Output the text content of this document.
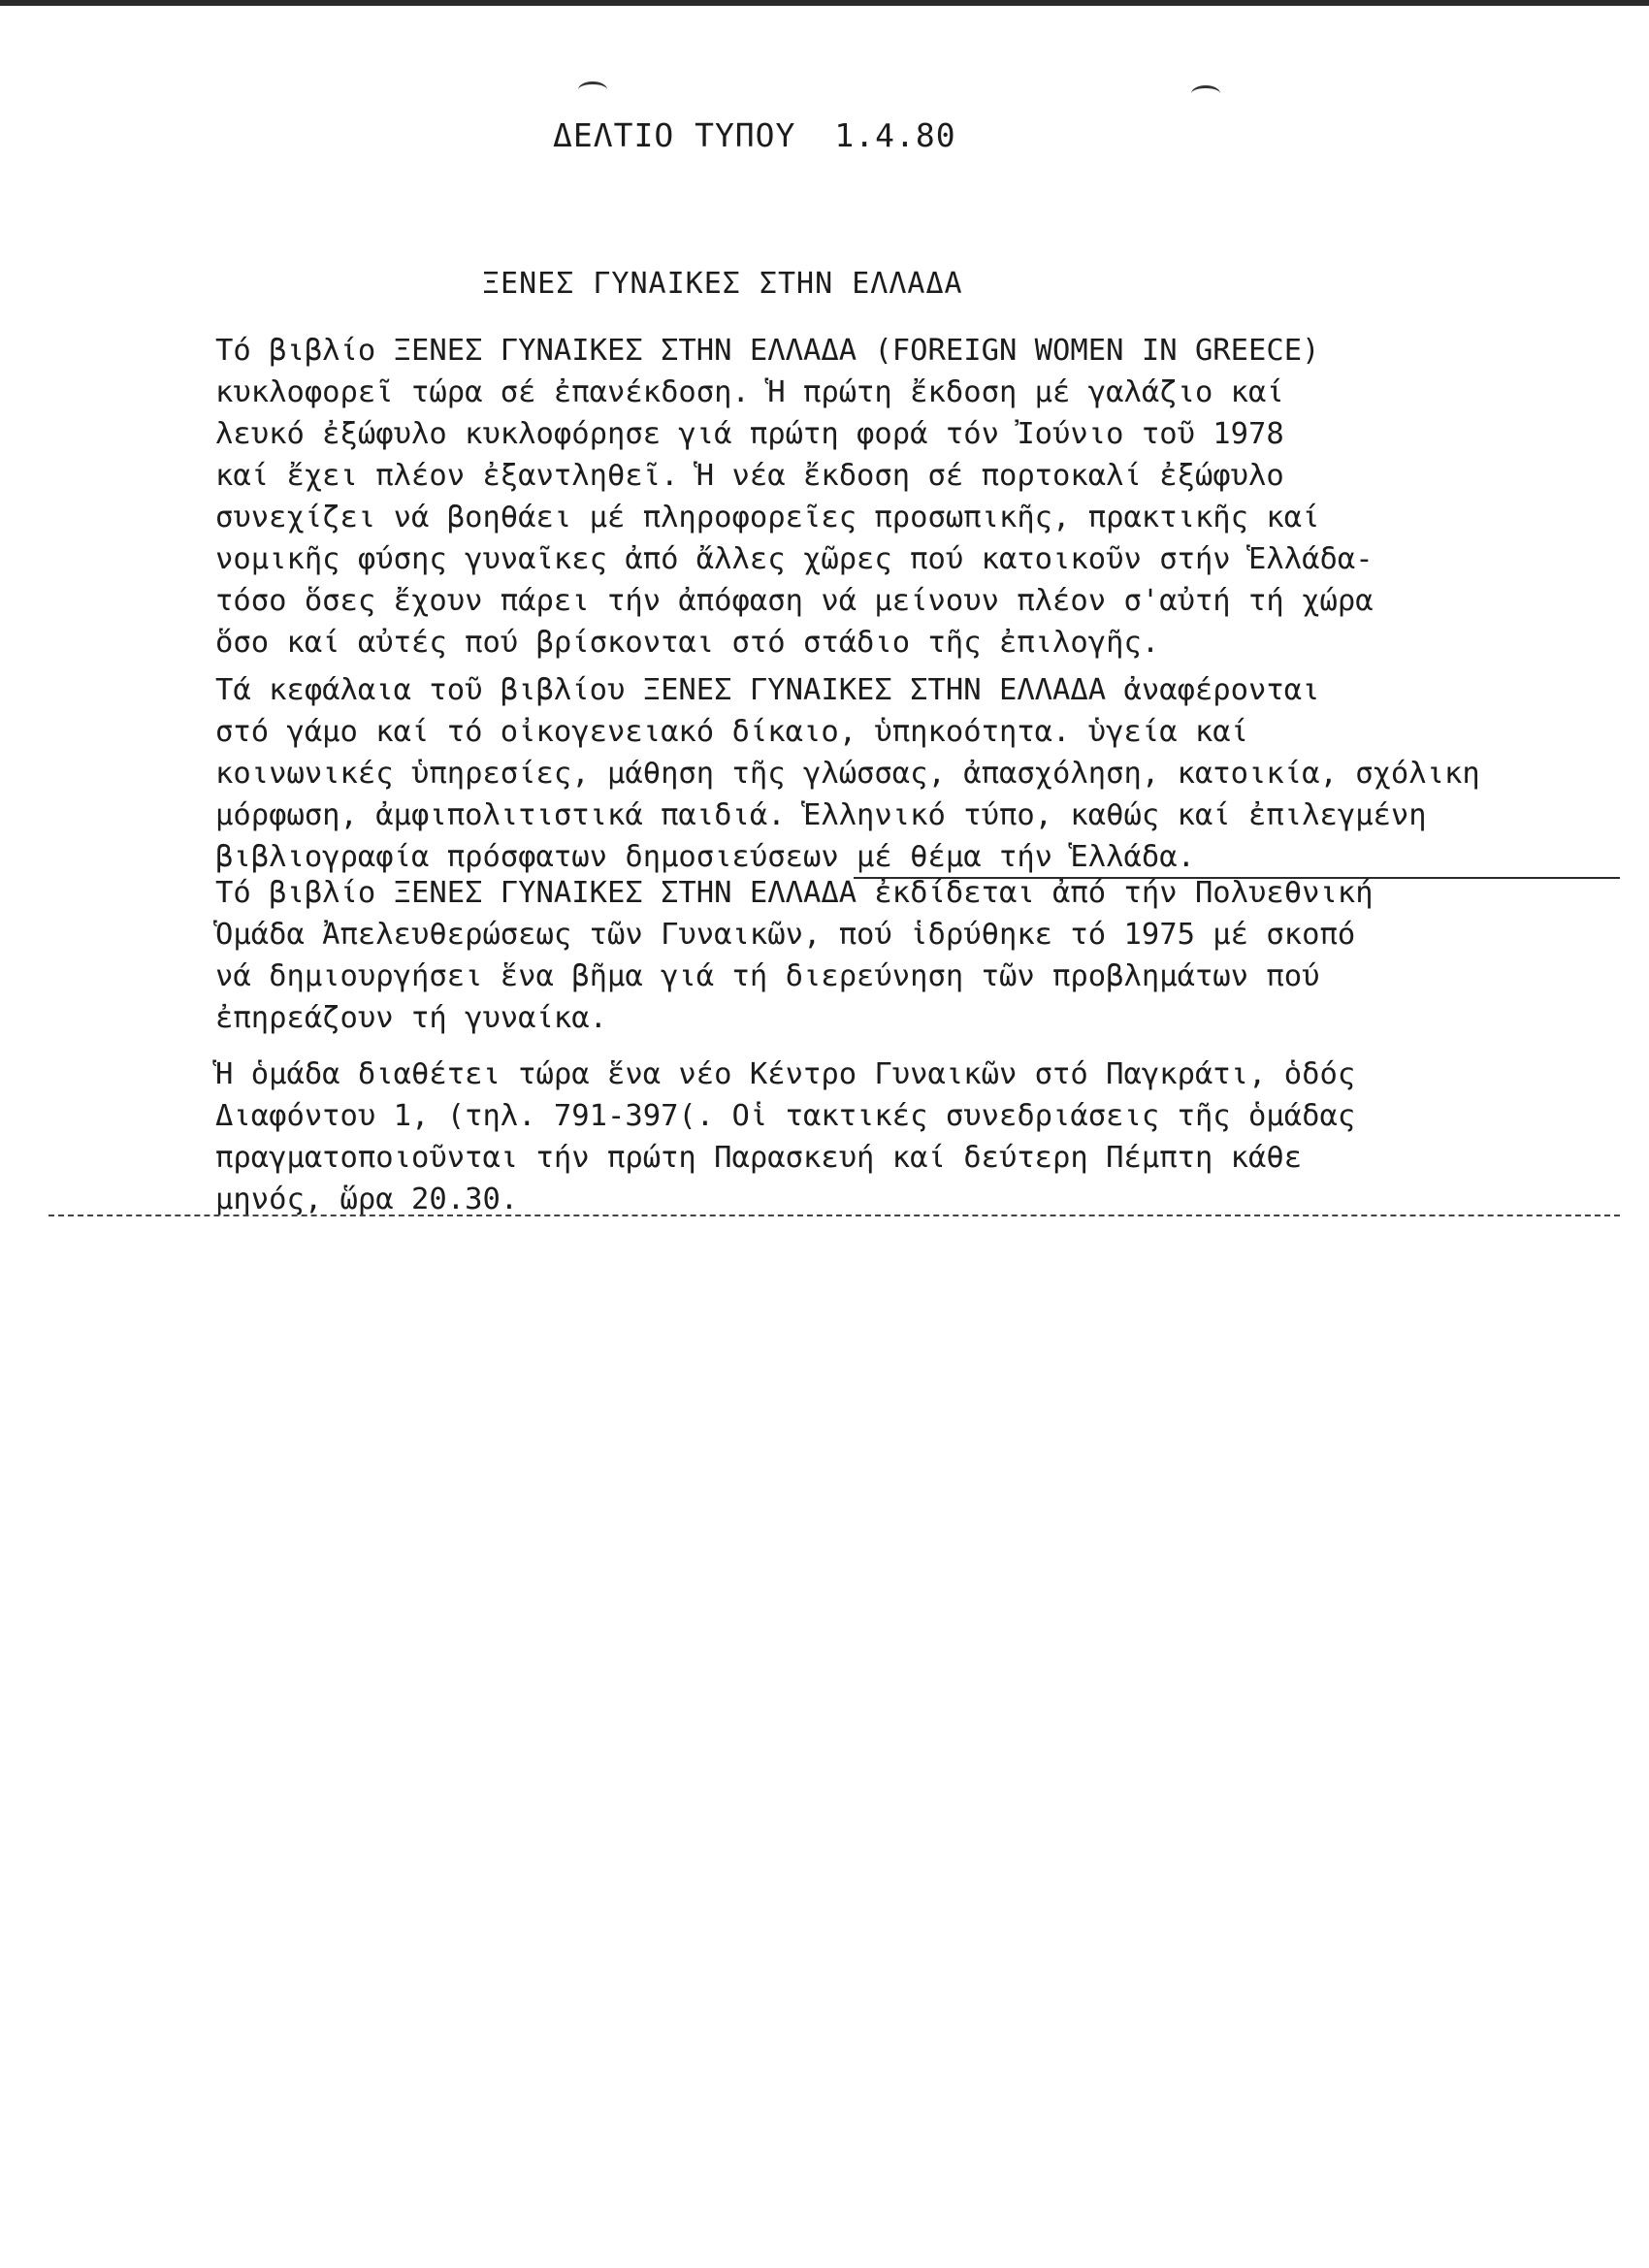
ΔΕΛΤΙΟ ΤΥΠΟΥ 1.4.80
ΞΕΝΕΣ ΓΥΝΑΙΚΕΣ ΣΤΗΝ ΕΛΛΑΔΑ
Τό βιβλίο ΞΕΝΕΣ ΓΥΝΑΙΚΕΣ ΣΤΗΝ ΕΛΛΑΔΑ (FOREIGN WOMEN IN GREECE)
κυκλοφορεῖ τώρα σέ ἐπανέκδοση. Ἡ πρώτη ἔκδοση μέ γαλάζιο καί
λευκό ἐξώφυλο κυκλοφόρησε γιά πρώτη φορά τόν Ἰούνιο τοῦ 1978
καί ἔχει πλέον ἐξαντληθεῖ. Ἡ νέα ἔκδοση σέ πορτοκαλί ἐξώφυλο
συνεχίζει νά βοηθάει μέ πληροφορεῖες προσωπικῆς, πρακτικῆς καί
νομικῆς φύσης γυναῖκες ἀπό ἄλλες χῶρες πού κατοικοῦν στήν Ἑλλάδα-
τόσο ὅσες ἔχουν πάρει τήν ἀπόφαση νά μείνουν πλέον σ'αὐτή τή χώρα
ὅσο καί αὐτές πού βρίσκονται στό στάδιο τῆς ἐπιλογῆς.
Τά κεφάλαια τοῦ βιβλίου ΞΕΝΕΣ ΓΥΝΑΙΚΕΣ ΣΤΗΝ ΕΛΛΑΔΑ ἀναφέρονται
στό γάμο καί τό οἰκογενειακό δίκαιο, ὑπηκοότητα. ὑγεία καί
κοινωνικές ὑπηρεσίες, μάθηση τῆς γλώσσας, ἀπασχόληση, κατοικία, σχόλικη
μόρφωση, ἀμφιπολιτιστικά παιδιά. Ἑλληνικό τύπο, καθώς καί ἐπιλεγμένη
βιβλιογραφία πρόσφατων δημοσιεύσεων μέ θέμα τήν Ἑλλάδα.
Τό βιβλίο ΞΕΝΕΣ ΓΥΝΑΙΚΕΣ ΣΤΗΝ ΕΛΛΑΔΑ ἐκδίδεται ἀπό τήν Πολυεθνική
Ὁμάδα Ἀπελευθερώσεως τῶν Γυναικῶν, πού ἱδρύθηκε τό 1975 μέ σκοπό
νά δημιουργήσει ἕνα βῆμα γιά τή διερεύνηση τῶν προβλημάτων πού
ἐπηρεάζουν τή γυναίκα.
Ἡ ὁμάδα διαθέτει τώρα ἕνα νέο Κέντρο Γυναικῶν στό Παγκράτι, ὁδός
Διαφόντου 1, (τηλ. 791-397(. Οἱ τακτικές συνεδριάσεις τῆς ὁμάδας
πραγματοποιοῦνται τήν πρώτη Παρασκευή καί δεύτερη Πέμπτη κάθε
μηνός, ὥρα 20.30.
